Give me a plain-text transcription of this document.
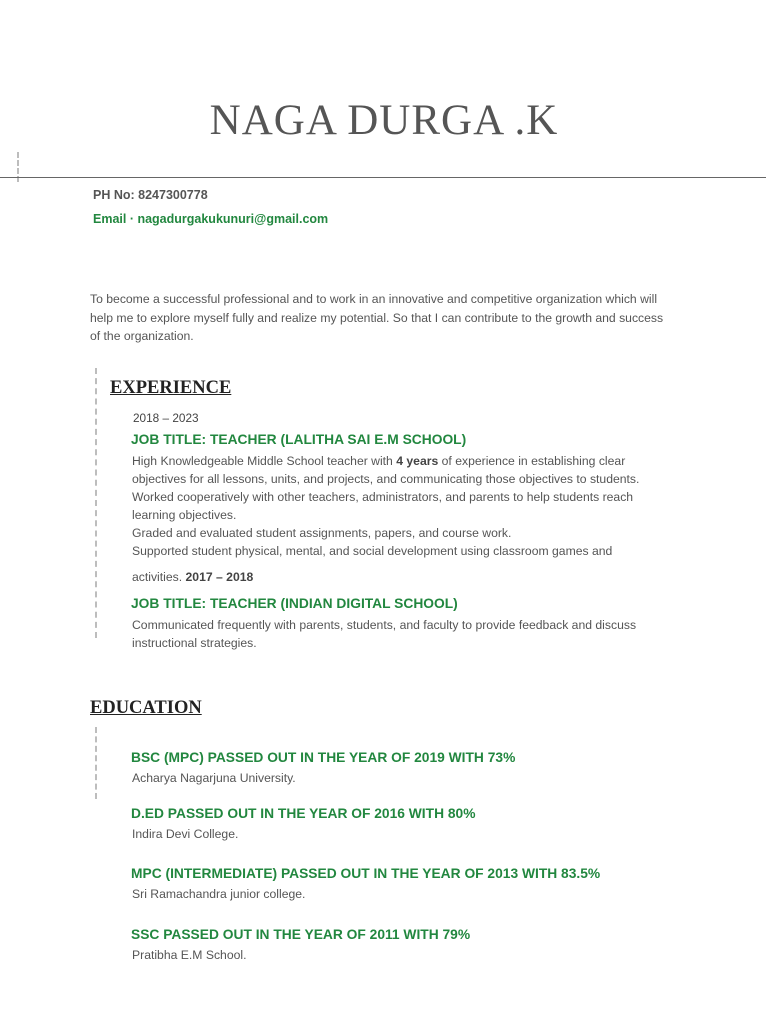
NAGA DURGA .K
PH No: 8247300778
Email · nagadurgakukunuri@gmail.com

To become a successful professional and to work in an innovative and competitive organization which will help me to explore myself fully and realize my potential. So that I can contribute to the growth and success of the organization.

EXPERIENCE
2018 – 2023
JOB TITLE: TEACHER (LALITHA SAI E.M SCHOOL)

High Knowledgeable Middle School teacher with 4 years of experience in establishing clear objectives for all lessons, units, and projects, and communicating those objectives to students.

Worked cooperatively with other teachers, administrators, and parents to help students reach learning objectives.

Graded and evaluated student assignments, papers, and course work.

Supported student physical, mental, and social development using classroom games and

activities. 2017 – 2018

JOB TITLE: TEACHER (INDIAN DIGITAL SCHOOL)

Communicated frequently with parents, students, and faculty to provide feedback and discuss instructional strategies.

EDUCATION
BSC (MPC) PASSED OUT IN THE YEAR OF 2019 WITH 73%
Acharya Nagarjuna University.
D.ED PASSED OUT IN THE YEAR OF 2016 WITH 80%
Indira Devi College.
MPC (INTERMEDIATE) PASSED OUT IN THE YEAR OF 2013 WITH 83.5%
Sri Ramachandra junior college.
SSC PASSED OUT IN THE YEAR OF 2011 WITH 79%
Pratibha E.M School.
